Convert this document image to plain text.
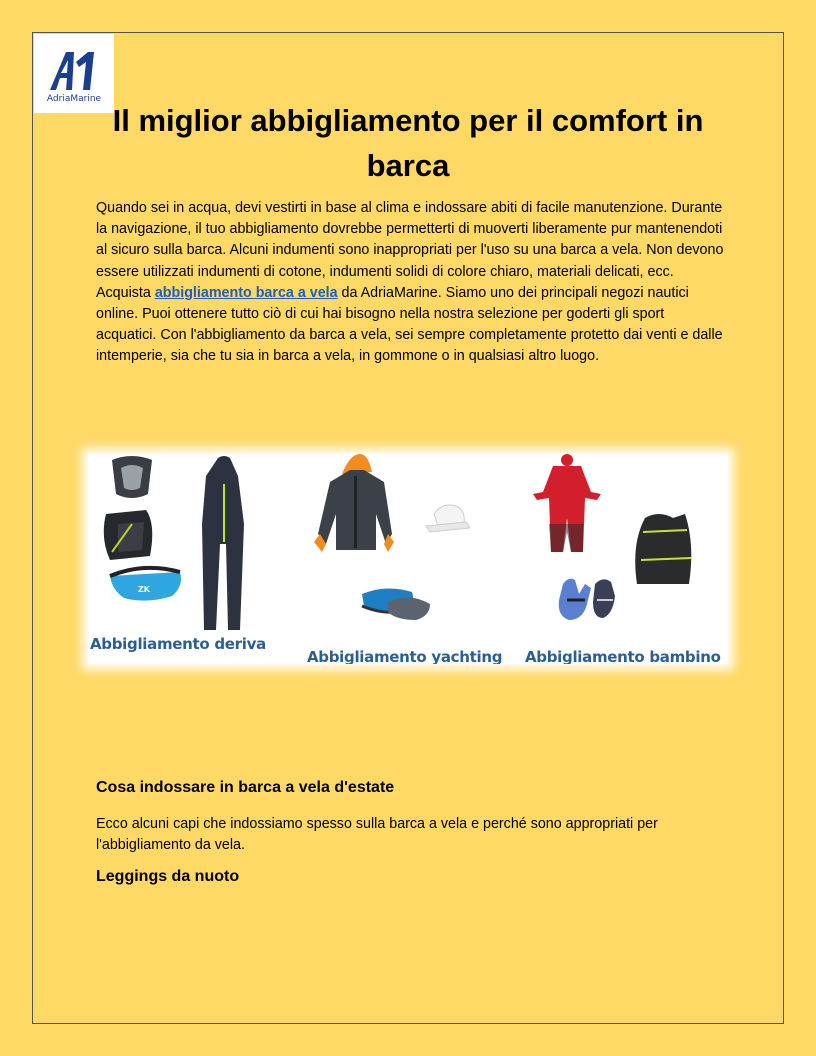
AdriaMarine
Il miglior abbigliamento per il comfort in barca

Quando sei in acqua, devi vestirti in base al clima e indossare abiti di facile manutenzione. Durante la navigazione, il tuo abbigliamento dovrebbe permetterti di muoverti liberamente pur mantenendoti al sicuro sulla barca. Alcuni indumenti sono inappropriati per l'uso su una barca a vela. Non devono essere utilizzati indumenti di cotone, indumenti solidi di colore chiaro, materiali delicati, ecc. Acquista abbigliamento barca a vela da AdriaMarine. Siamo uno dei principali negozi nautici online. Puoi ottenere tutto ciò di cui hai bisogno nella nostra selezione per goderti gli sport acquatici. Con l'abbigliamento da barca a vela, sei sempre completamente protetto dai venti e dalle intemperie, sia che tu sia in barca a vela, in gommone o in qualsiasi altro luogo.

ZK
Abbigliamento deriva
Abbigliamento yachting Abbigliamento bambino
Cosa indossare in barca a vela d'estate

Ecco alcuni capi che indossiamo spesso sulla barca a vela e perché sono appropriati per l'abbigliamento da vela.

Leggings da nuoto
